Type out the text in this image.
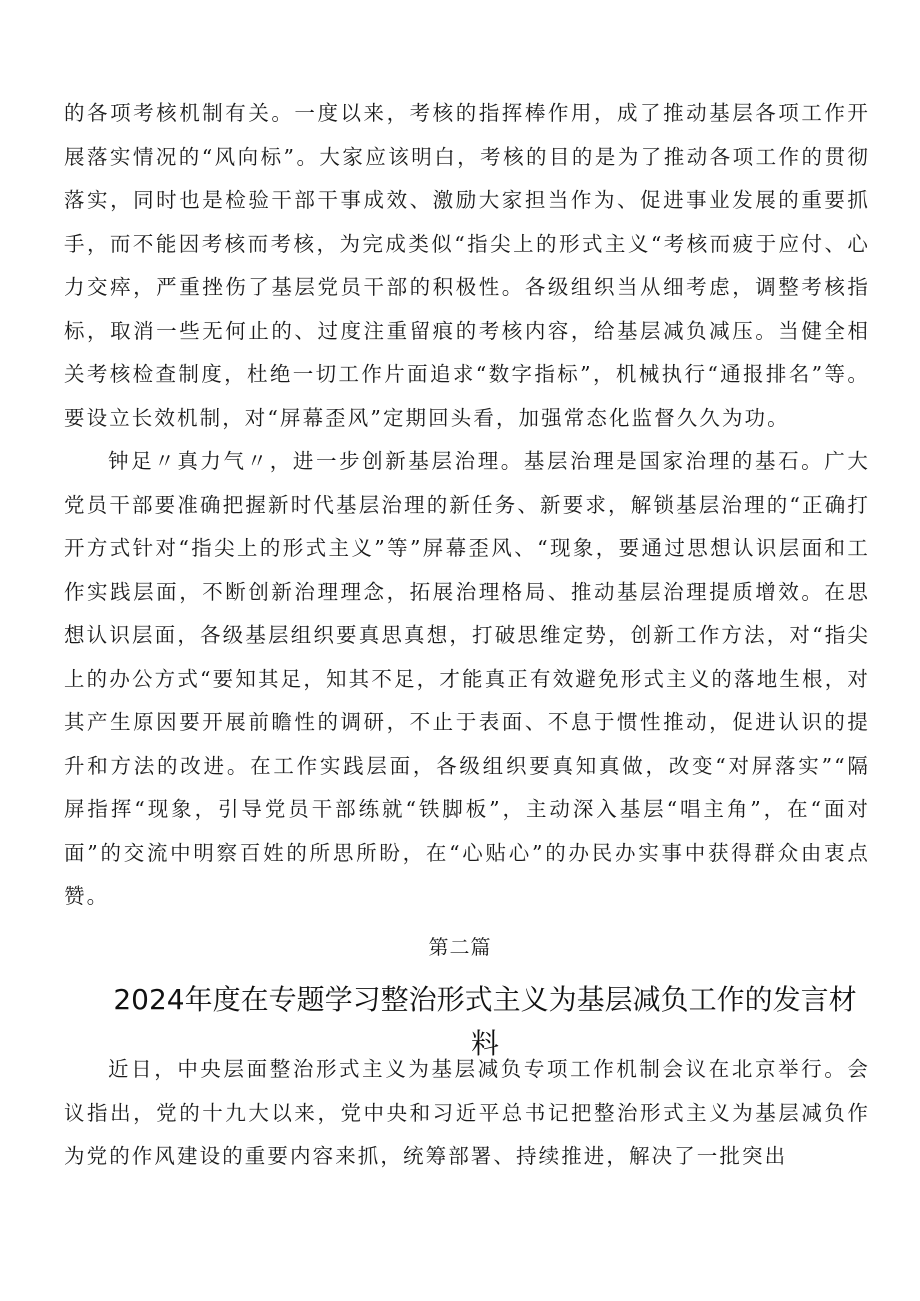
的各项考核机制有关。一度以来，考核的指挥棒作用，成了推动基层各项工作开展落实情况的“风向标”。大家应该明白，考核的目的是为了推动各项工作的贯彻落实，同时也是检验干部干事成效、激励大家担当作为、促进事业发展的重要抓手，而不能因考核而考核，为完成类似“指尖上的形式主义“考核而疲于应付、心力交瘁，严重挫伤了基层党员干部的积极性。各级组织当从细考虑，调整考核指标，取消一些无何止的、过度注重留痕的考核内容，给基层减负减压。当健全相关考核检查制度，杜绝一切工作片面追求“数字指标”，机械执行“通报排名”等。要设立长效机制，对“屏幕歪风”定期回头看，加强常态化监督久久为功。

钟足〃真力气〃，进一步创新基层治理。基层治理是国家治理的基石。广大党员干部要准确把握新时代基层治理的新任务、新要求，解锁基层治理的“正确打开方式针对“指尖上的形式主义”等”屏幕歪风、“现象，要通过思想认识层面和工作实践层面，不断创新治理理念，拓展治理格局、推动基层治理提质增效。在思想认识层面，各级基层组织要真思真想，打破思维定势，创新工作方法，对“指尖上的办公方式“要知其足，知其不足，才能真正有效避免形式主义的落地生根，对其产生原因要开展前瞻性的调研，不止于表面、不息于惯性推动，促进认识的提升和方法的改进。在工作实践层面，各级组织要真知真做，改变“对屏落实”“隔屏指挥“现象，引导党员干部练就“铁脚板”，主动深入基层“唱主角”，在“面对面”的交流中明察百姓的所思所盼，在“心贴心”的办民办实事中获得群众由衷点赞。

第二篇

2024年度在专题学习整治形式主义为基层减负工作的发言材料

近日，中央层面整治形式主义为基层减负专项工作机制会议在北京举行。会议指出，党的十九大以来，党中央和习近平总书记把整治形式主义为基层减负作为党的作风建设的重要内容来抓，统筹部署、持续推进，解决了一批突出
